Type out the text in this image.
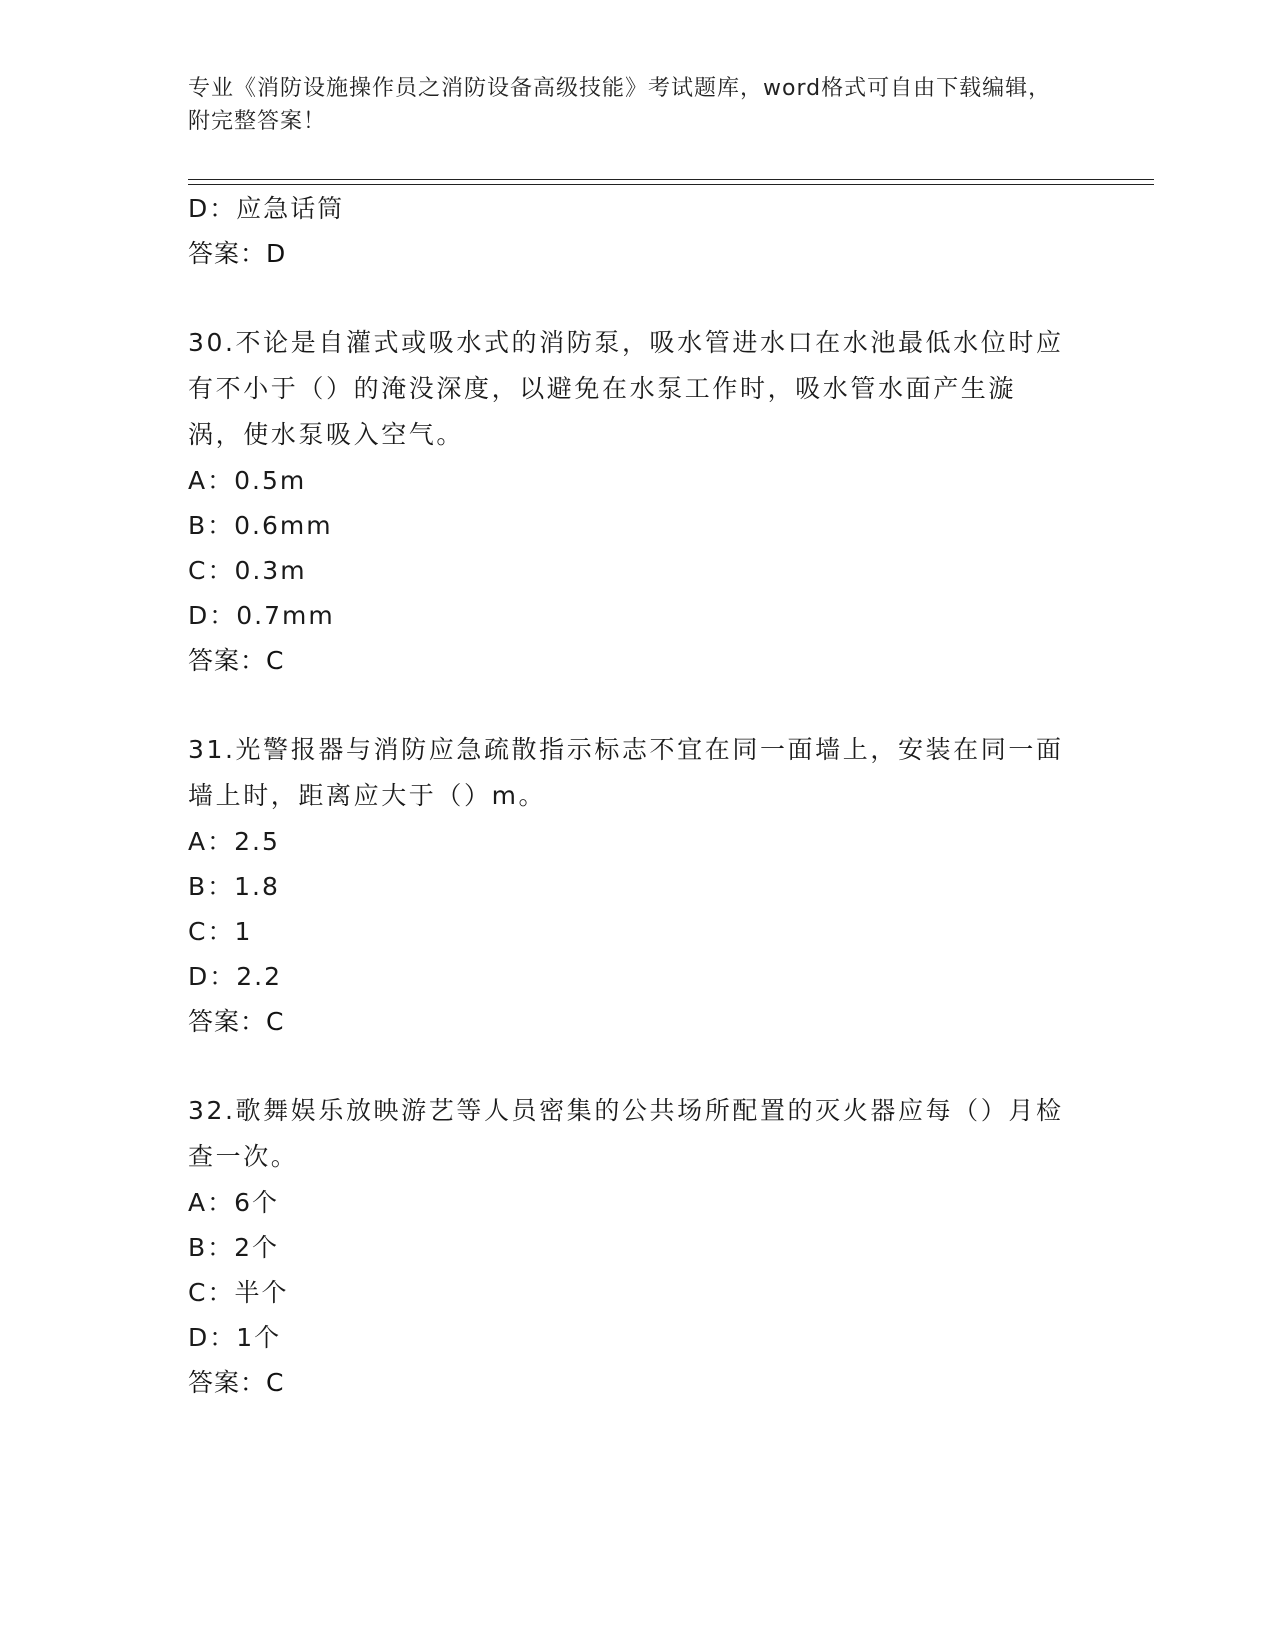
专业《消防设施操作员之消防设备高级技能》考试题库，word格式可自由下载编辑，附完整答案！
D：应急话筒
答案：D
30.不论是自灌式或吸水式的消防泵，吸水管进水口在水池最低水位时应有不小于（）的淹没深度，以避免在水泵工作时，吸水管水面产生漩涡，使水泵吸入空气。
A：0.5m
B：0.6mm
C：0.3m
D：0.7mm
答案：C
31.光警报器与消防应急疏散指示标志不宜在同一面墙上，安装在同一面墙上时，距离应大于（）m。
A：2.5
B：1.8
C：1
D：2.2
答案：C
32.歌舞娱乐放映游艺等人员密集的公共场所配置的灭火器应每（）月检查一次。
A：6个
B：2个
C：半个
D：1个
答案：C
